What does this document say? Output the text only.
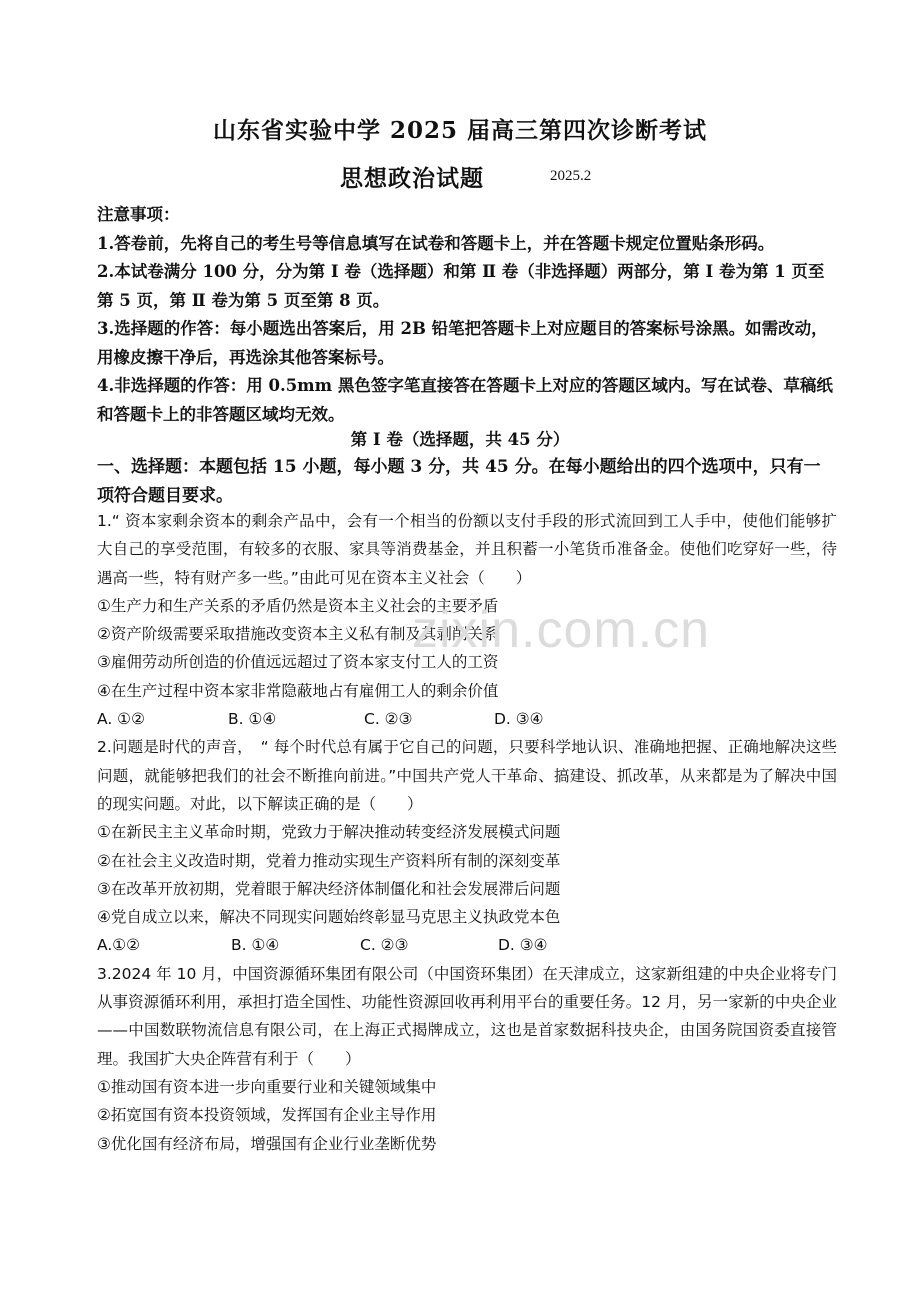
山东省实验中学 2025 届高三第四次诊断考试
思想政治试题	2025.2

注意事项：

1.答卷前，先将自己的考生号等信息填写在试卷和答题卡上，并在答题卡规定位置贴条形码。

2.本试卷满分 100 分，分为第 Ⅰ 卷（选择题）和第 Ⅱ 卷（非选择题）两部分，第 Ⅰ 卷为第 1 页至第 5 页，第 Ⅱ 卷为第 5 页至第 8 页。

3.选择题的作答：每小题选出答案后，用 2B 铅笔把答题卡上对应题目的答案标号涂黑。如需改动，用橡皮擦干净后，再选涂其他答案标号。

4.非选择题的作答：用 0.5mm 黑色签字笔直接答在答题卡上对应的答题区域内。写在试卷、草稿纸和答题卡上的非答题区域均无效。

第 Ⅰ 卷（选择题，共 45 分）
一、选择题：本题包括 15 小题，每小题 3 分，共 45 分。在每小题给出的四个选项中，只有一项符合题目要求。

1.“ 资本家剩余资本的剩余产品中，会有一个相当的份额以支付手段的形式流回到工人手中，使他们能够扩大自己的享受范围，有较多的衣服、家具等消费基金，并且积蓄一小笔货币准备金。使他们吃穿好一些，待遇高一些，特有财产多一些。”由此可见在资本主义社会（　　）

①生产力和生产关系的矛盾仍然是资本主义社会的主要矛盾

②资产阶级需要采取措施改变资本主义私有制及其剥削关系

③雇佣劳动所创造的价值远远超过了资本家支付工人的工资

④在生产过程中资本家非常隐蔽地占有雇佣工人的剩余价值

A. ①②	B. ①④	C. ②③	D. ③④

2.问题是时代的声音，　“ 每个时代总有属于它自己的问题，只要科学地认识、准确地把握、正确地解决这些问题，就能够把我们的社会不断推向前进。”中国共产党人干革命、搞建设、抓改革，从来都是为了解决中国的现实问题。对此，以下解读正确的是（　　）

①在新民主主义革命时期，党致力于解决推动转变经济发展模式问题

②在社会主义改造时期，党着力推动实现生产资料所有制的深刻变革

③在改革开放初期，党着眼于解决经济体制僵化和社会发展滞后问题

④党自成立以来，解决不同现实问题始终彰显马克思主义执政党本色

A.①②	B. ①④	C. ②③	D. ③④

3.2024 年 10 月，中国资源循环集团有限公司（中国资环集团）在天津成立，这家新组建的中央企业将专门从事资源循环利用，承担打造全国性、功能性资源回收再利用平台的重要任务。12 月，另一家新的中央企业——中国数联物流信息有限公司，在上海正式揭牌成立，这也是首家数据科技央企，由国务院国资委直接管理。我国扩大央企阵营有利于（　　）

①推动国有资本进一步向重要行业和关键领域集中

②拓宽国有资本投资领域，发挥国有企业主导作用

③优化国有经济布局，增强国有企业行业垄断优势

zixin.com.cn
